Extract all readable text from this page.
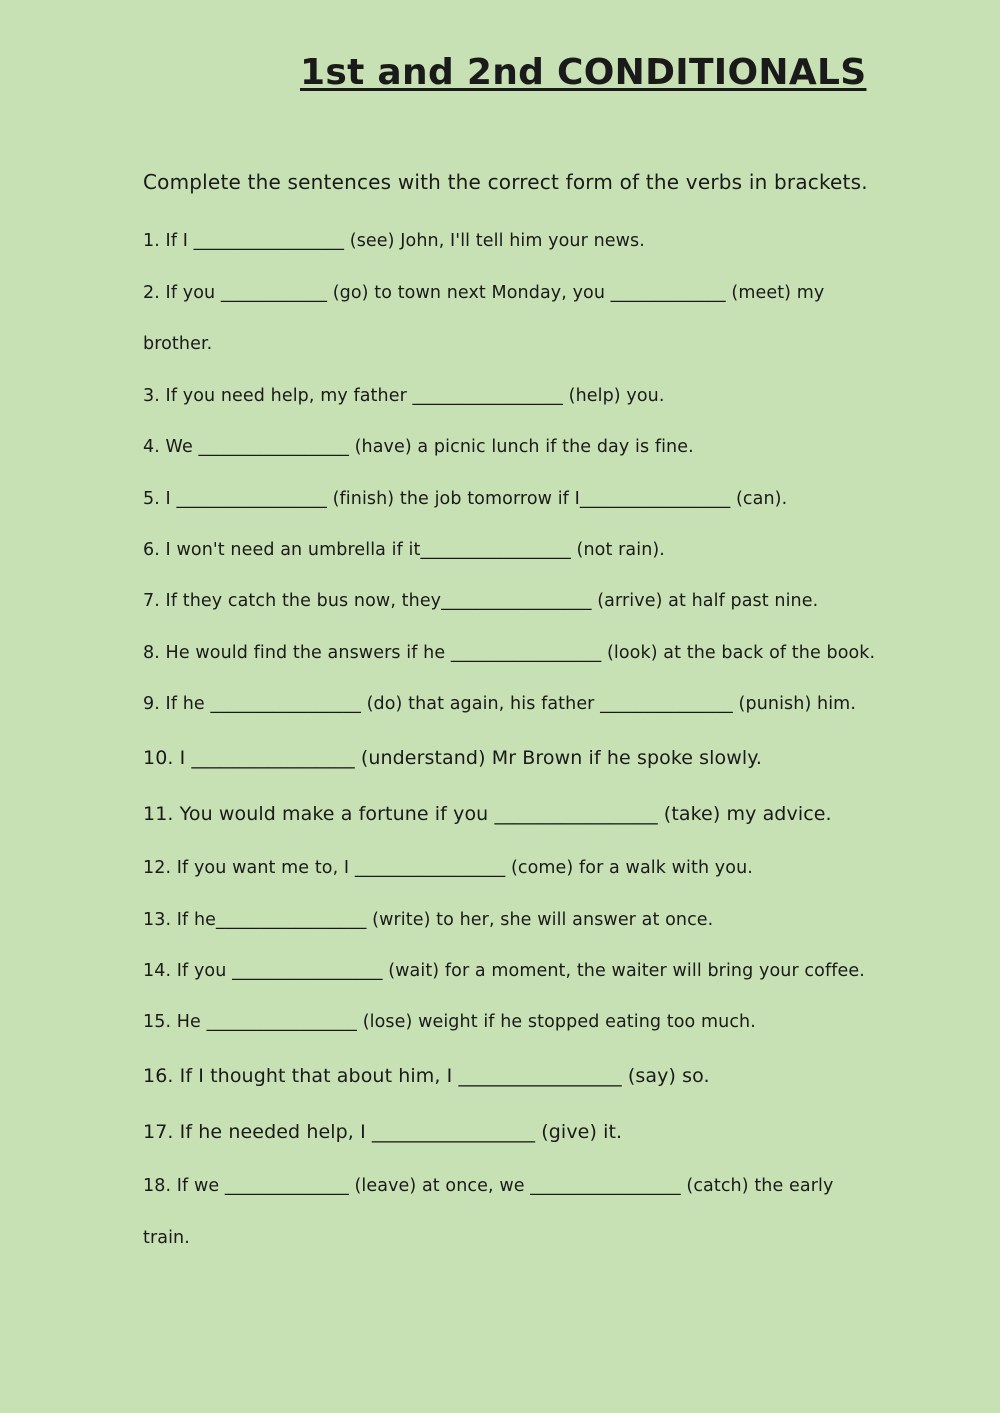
1st and 2nd CONDITIONALS
Complete the sentences with the correct form of the verbs in brackets.
1. If I _________________ (see) John, I'll tell him your news.
2. If you ____________ (go) to town next Monday, you _____________ (meet) my
brother.
3. If you need help, my father _________________ (help) you.
4. We _________________ (have) a picnic lunch if the day is fine.
5. I _________________ (finish) the job tomorrow if I_________________ (can).
6. I won't need an umbrella if it_________________ (not rain).
7. If they catch the bus now, they_________________ (arrive) at half past nine.
8. He would find the answers if he _________________ (look) at the back of the book.
9. If he _________________ (do) that again, his father _______________ (punish) him.
10. I _________________ (understand) Mr Brown if he spoke slowly.
11. You would make a fortune if you _________________ (take) my advice.
12. If you want me to, I _________________ (come) for a walk with you.
13. If he_________________ (write) to her, she will answer at once.
14. If you _________________ (wait) for a moment, the waiter will bring your coffee.
15. He _________________ (lose) weight if he stopped eating too much.
16. If I thought that about him, I _________________ (say) so.
17. If he needed help, I _________________ (give) it.
18. If we ______________ (leave) at once, we _________________ (catch) the early
train.
